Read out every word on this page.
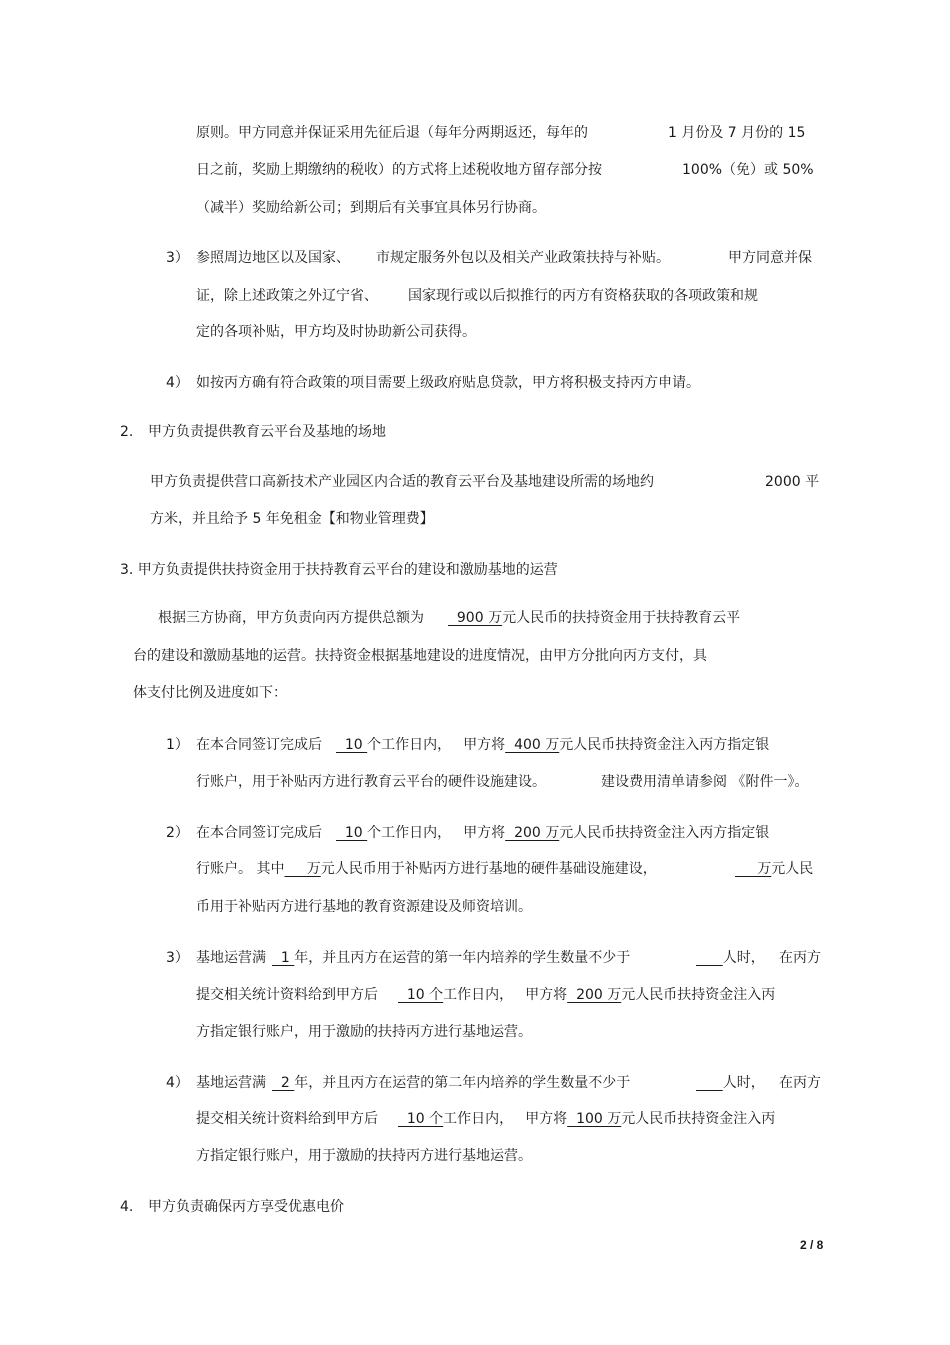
原则。甲方同意并保证采用先征后退（每年分两期返还，每年的	1 月份及 7 月份的 15
日之前，奖励上期缴纳的税收）的方式将上述税收地方留存部分按	100%（免）或 50%
（减半）奖励给新公司；到期后有关事宜具体另行协商。
3） 参照周边地区以及国家、 市规定服务外包以及相关产业政策扶持与补贴。	甲方同意并保
证，除上述政策之外辽宁省、 国家现行或以后拟推行的丙方有资格获取的各项政策和规
定的各项补贴，甲方均及时协助新公司获得。
4） 如按丙方确有符合政策的项目需要上级政府贴息贷款，甲方将积极支持丙方申请。
2. 甲方负责提供教育云平台及基地的场地
甲方负责提供营口高新技术产业园区内合适的教育云平台及基地建设所需的场地约	2000 平
方米，并且给予 5 年免租金【和物业管理费】
3. 甲方负责提供扶持资金用于扶持教育云平台的建设和激励基地的运营
根据三方协商，甲方负责向丙方提供总额为  900 万元人民币的扶持资金用于扶持教育云平
台的建设和激励基地的运营。扶持资金根据基地建设的进度情况，由甲方分批向丙方支付，具
体支付比例及进度如下：
1） 在本合同签订完成后  10 个工作日内， 甲方将  400 万元人民币扶持资金注入丙方指定银
行账户，用于补贴丙方进行教育云平台的硬件设施建设。	建设费用清单请参阅 《附件一》。
2） 在本合同签订完成后  10 个工作日内， 甲方将  200 万元人民币扶持资金注入丙方指定银
行账户。 其中     万元人民币用于补贴丙方进行基地的硬件基础设施建设，	万元人民
币用于补贴丙方进行基地的教育资源建设及师资培训。
3） 基地运营满  1 年，并且丙方在运营的第一年内培养的学生数量不少于	人时， 在丙方
提交相关统计资料给到甲方后  10 个工作日内， 甲方将  200 万元人民币扶持资金注入丙
方指定银行账户，用于激励的扶持丙方进行基地运营。
4） 基地运营满  2 年，并且丙方在运营的第二年内培养的学生数量不少于	人时， 在丙方
提交相关统计资料给到甲方后  10 个工作日内， 甲方将  100 万元人民币扶持资金注入丙
方指定银行账户，用于激励的扶持丙方进行基地运营。
4. 甲方负责确保丙方享受优惠电价
2 / 8
